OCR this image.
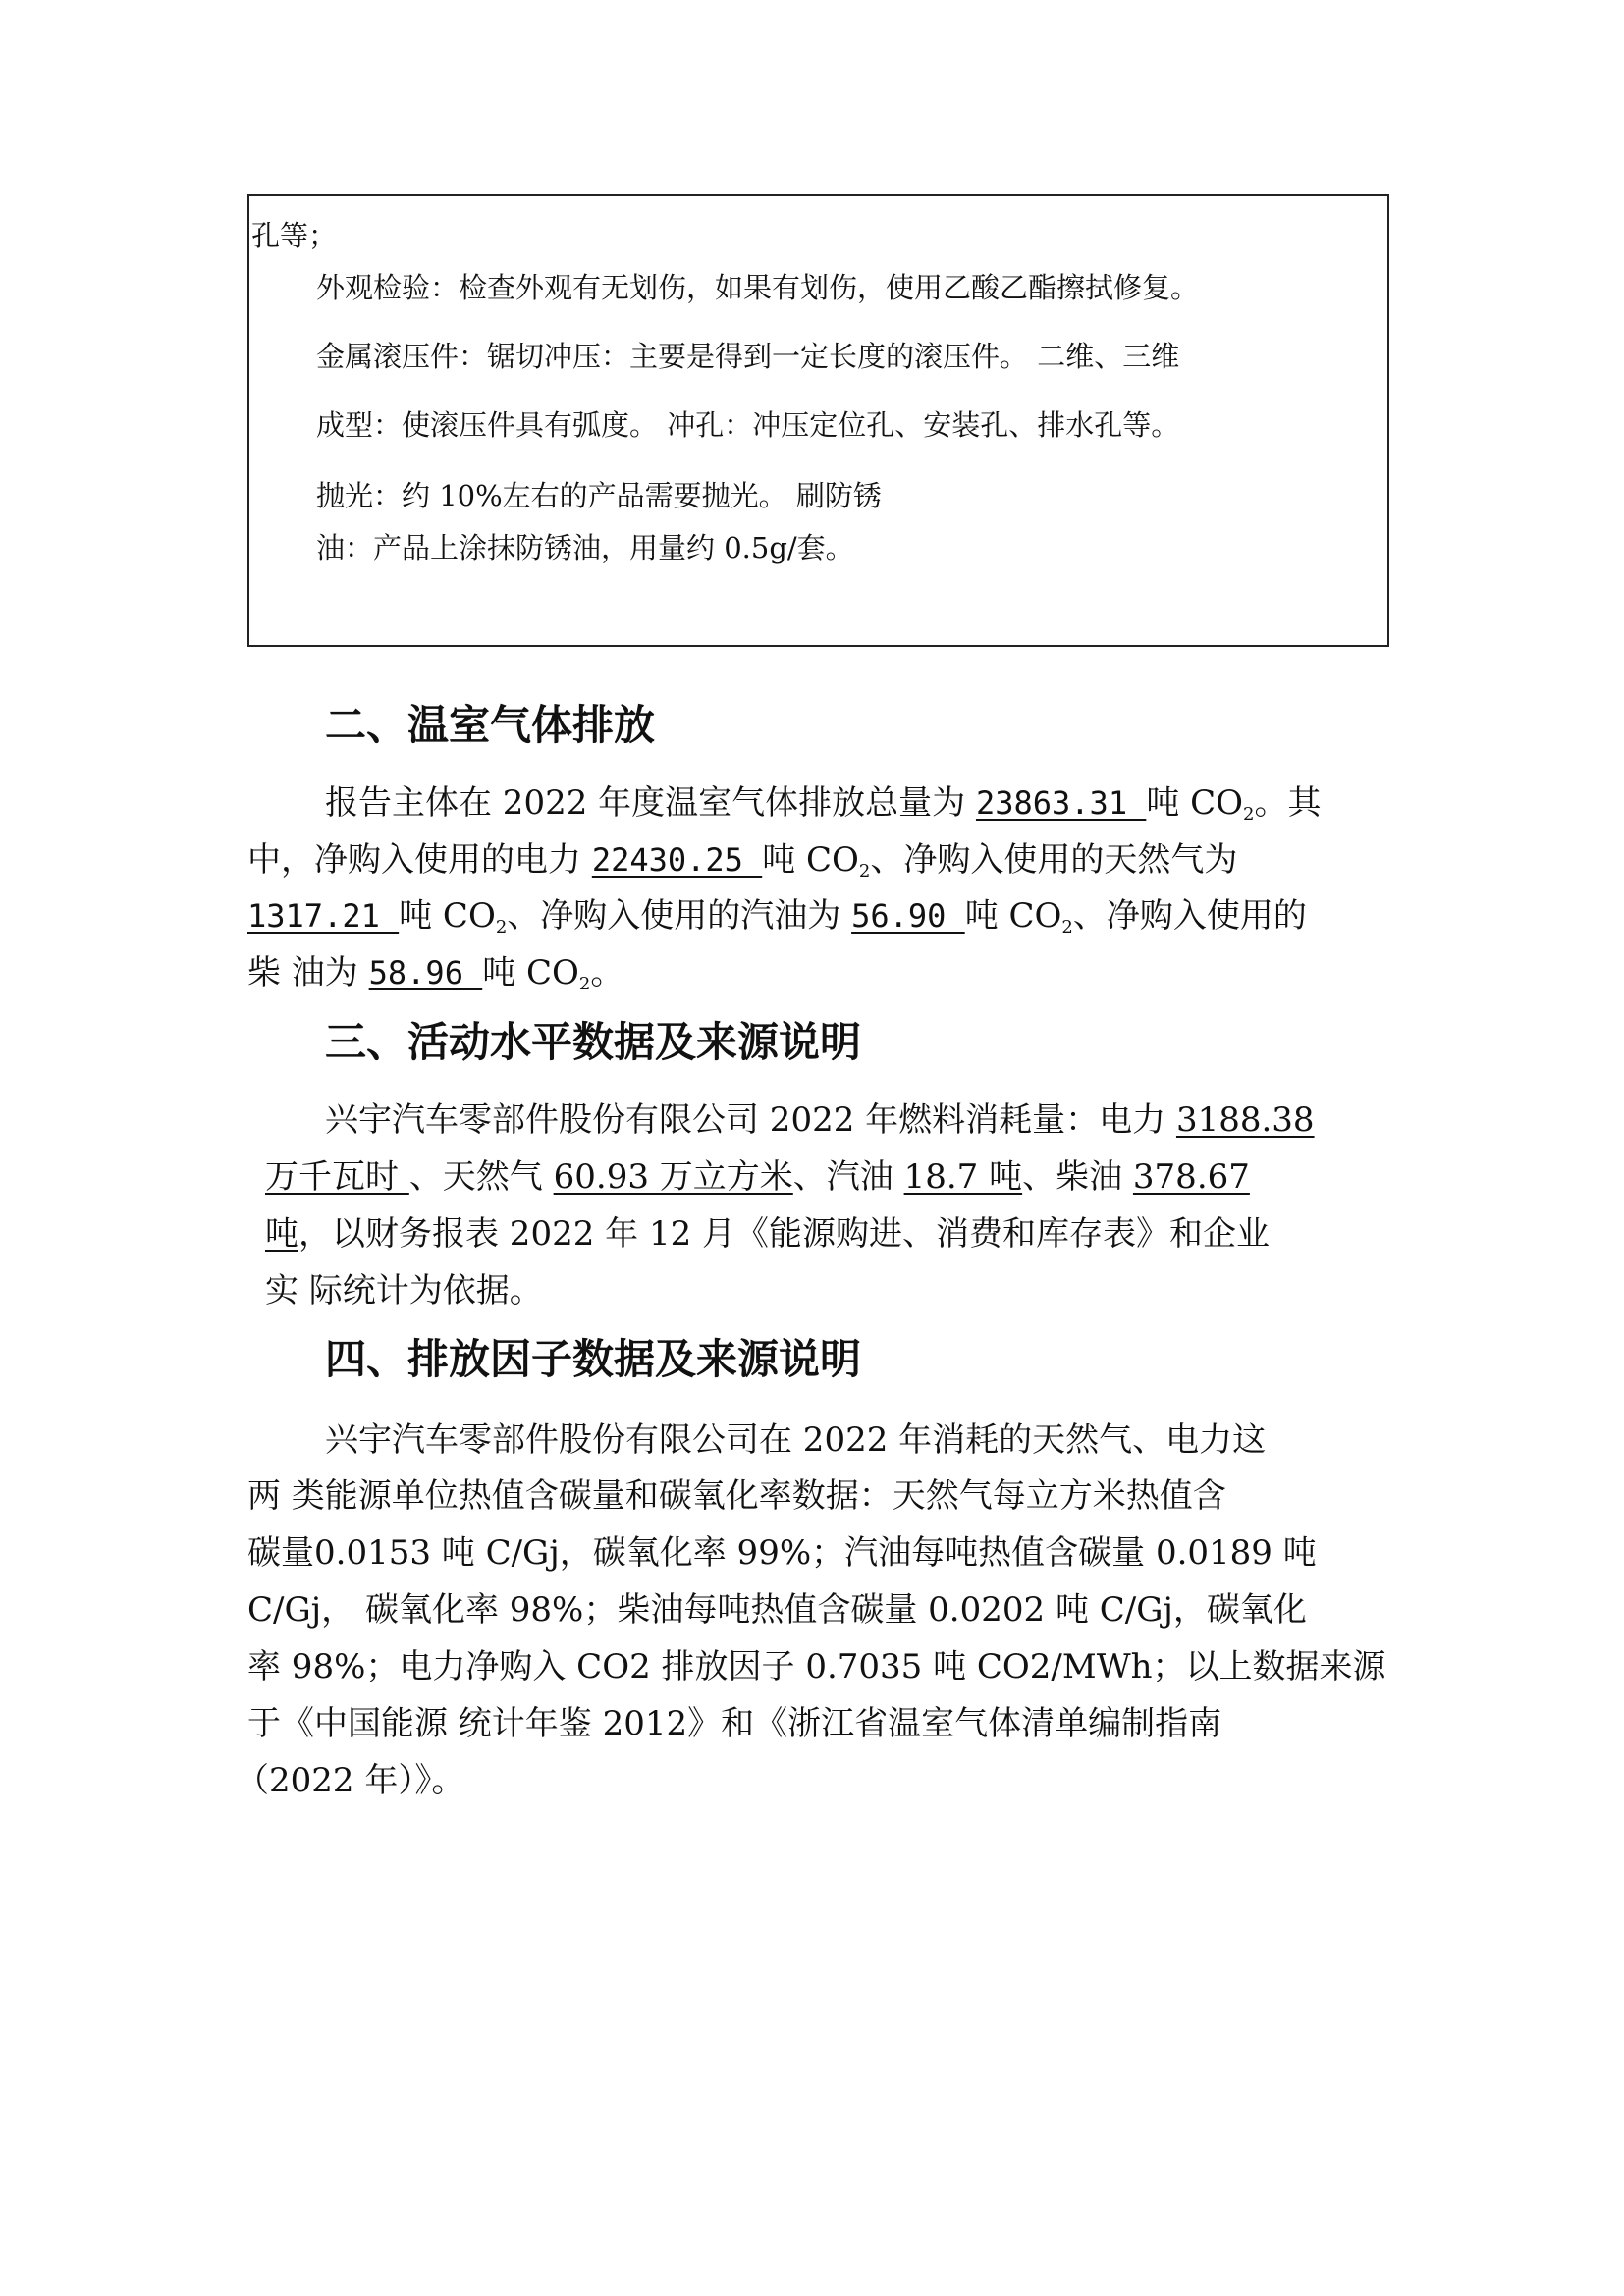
孔等；
外观检验：检查外观有无划伤，如果有划伤，使用乙酸乙酯擦拭修复。
金属滚压件：锯切冲压：主要是得到一定长度的滚压件。 二维、三维
成型：使滚压件具有弧度。 冲孔：冲压定位孔、安装孔、排水孔等。
抛光：约 10%左右的产品需要抛光。 刷防锈
油：产品上涂抹防锈油，用量约 0.5g/套。
二、温室气体排放
报告主体在 2022 年度温室气体排放总量为 23863.31 吨 $CO_2$。其
中，净购入使用的电力 22430.25 吨 $CO_2$、净购入使用的天然气为
1317.21 吨 $CO_2$、净购入使用的汽油为 56.90 吨 $CO_2$、净购入使用的
柴 油为 58.96 吨 $CO_2$。
三、活动水平数据及来源说明
兴宇汽车零部件股份有限公司 2022 年燃料消耗量：电力 3188.38
万千瓦时 、天然气 60.93 万立方米、汽油 18.7 吨、柴油 378.67
吨，以财务报表 2022 年 12 月《能源购进、消费和库存表》和企业
实 际统计为依据。
四、排放因子数据及来源说明
兴宇汽车零部件股份有限公司在 2022 年消耗的天然气、电力这
两 类能源单位热值含碳量和碳氧化率数据：天然气每立方米热值含
碳量0.0153 吨 C/Gj，碳氧化率 99%；汽油每吨热值含碳量 0.0189 吨
C/Gj， 碳氧化率 98%；柴油每吨热值含碳量 0.0202 吨 C/Gj，碳氧化
率 98%；电力净购入 CO2 排放因子 0.7035 吨 CO2/MWh；以上数据来源
于《中国能源 统计年鉴 2012》和《浙江省温室气体清单编制指南
（2022 年）》。
